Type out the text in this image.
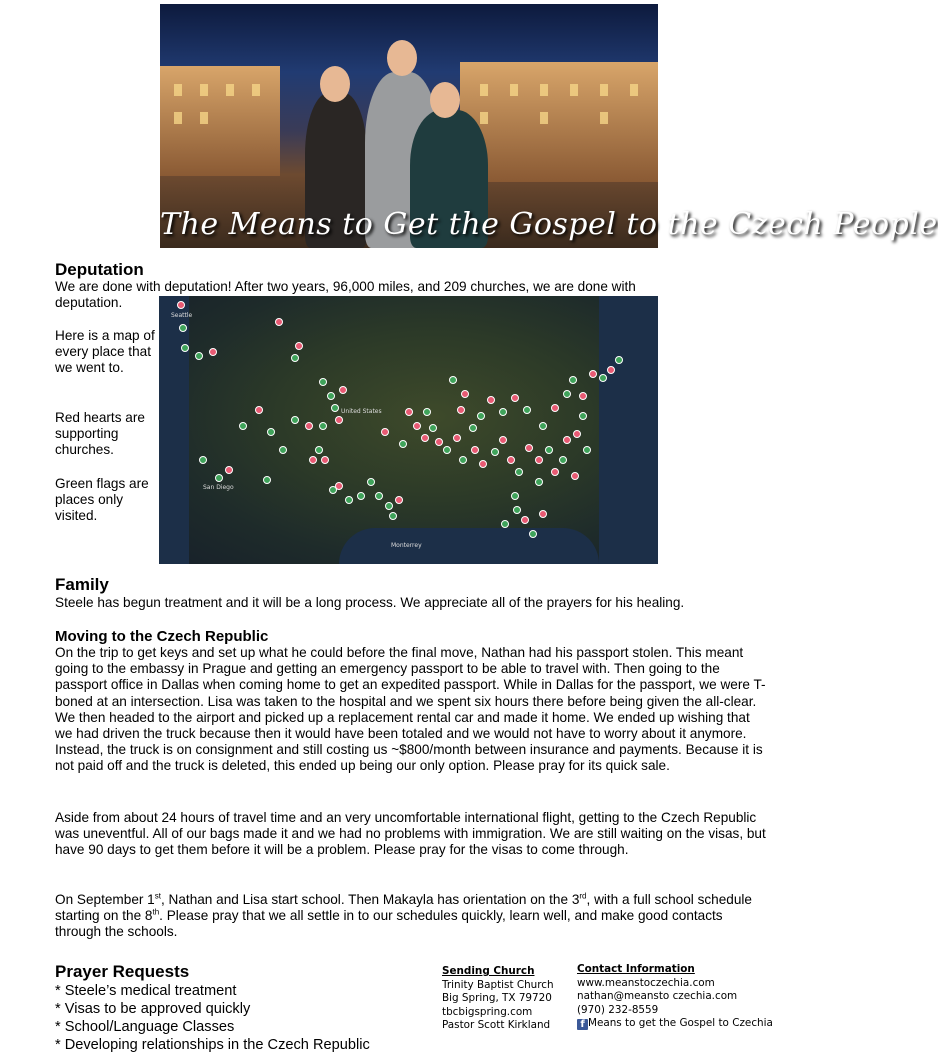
The Means to Get the Gospel to the Czech People
Deputation

We are done with deputation! After two years, 96,000 miles, and 209 churches, we are done with

deputation.

Here is a map of every place that we went to.

Red hearts are supporting churches.

Green flags are places only visited.

United States
Seattle
San Diego
Monterrey
Family

Steele has begun treatment and it will be a long process. We appreciate all of the prayers for his healing.

Moving to the Czech Republic

On the trip to get keys and set up what he could before the final move, Nathan had his passport stolen. This meant going to the embassy in Prague and getting an emergency passport to be able to travel with. Then going to the passport office in Dallas when coming home to get an expedited passport. While in Dallas for the passport, we were T-boned at an intersection. Lisa was taken to the hospital and we spent six hours there before being given the all-clear. We then headed to the airport and picked up a replacement rental car and made it home. We ended up wishing that we had driven the truck because then it would have been totaled and we would not have to worry about it anymore. Instead, the truck is on consignment and still costing us ~$800/month between insurance and payments. Because it is not paid off and the truck is deleted, this ended up being our only option. Please pray for its quick sale.

Aside from about 24 hours of travel time and an very uncomfortable international flight, getting to the Czech Republic was uneventful. All of our bags made it and we had no problems with immigration. We are still waiting on the visas, but have 90 days to get them before it will be a problem. Please pray for the visas to come through.

On September 1st, Nathan and Lisa start school. Then Makayla has orientation on the 3rd, with a full school schedule starting on the 8th. Please pray that we all settle in to our schedules quickly, learn well, and make good contacts through the schools.

Prayer Requests
* Steele’s medical treatment
* Visas to be approved quickly
* School/Language Classes
* Developing relationships in the Czech Republic
Sending Church
Trinity Baptist Church
Big Spring, TX 79720
tbcbigspring.com
Pastor Scott Kirkland
Contact Information
www.meanstoczechia.com
nathan@meansto czechia.com
(970) 232-8559
f Means to get the Gospel to Czechia
